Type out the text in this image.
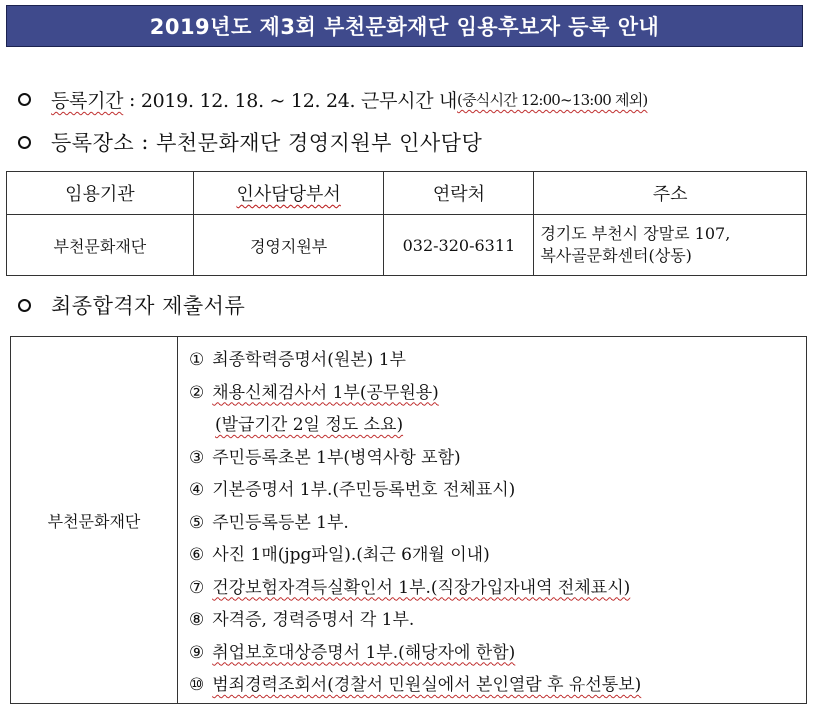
2019년도 제3회 부천문화재단 임용후보자 등록 안내
등록기간 : 2019. 12. 18. ~ 12. 24. 근무시간 내 (중식시간 12:00~13:00 제외)
등록장소 : 부천문화재단 경영지원부 인사담당
임용기관	인사담당부서	연락처	주소
부천문화재단	경영지원부	032-320-6311	경기도 부천시 장말로 107,
복사골문화센터(상동)
최종합격자 제출서류
부천문화재단
① 최종학력증명서(원본) 1부
② 채용신체검사서 1부(공무원용)
(발급기간 2일 정도 소요)
③ 주민등록초본 1부(병역사항 포함)
④ 기본증명서 1부.(주민등록번호 전체표시)
⑤ 주민등록등본 1부.
⑥ 사진 1매(jpg파일).(최근 6개월 이내)
⑦ 건강보험자격득실확인서 1부.(직장가입자내역 전체표시)
⑧ 자격증, 경력증명서 각 1부.
⑨ 취업보호대상증명서 1부.(해당자에 한함)
⑩ 범죄경력조회서(경찰서 민원실에서 본인열람 후 유선통보)
